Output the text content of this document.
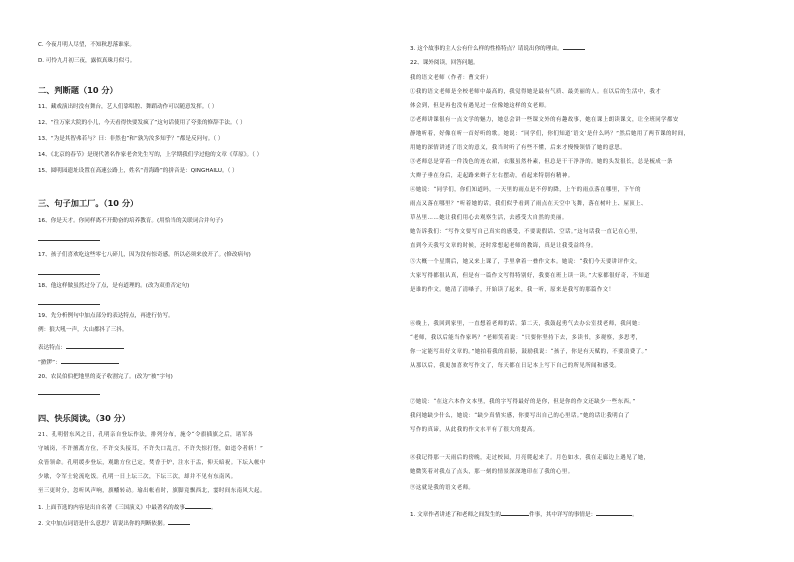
C. 今夜月明人尽望，不知秋思落谁家。
D. 可怜九月初三夜，露似真珠月似弓。
二、判断题（10 分）
11、藏戏演出时没有舞台，艺人们靠唱腔、舞蹈动作可以随意发挥。（ ）
12、“往万家大院的小儿，今天看得快要发疯了”这句话使用了夸张的修辞手法。（ ）
13、“为是其智弗若与？曰：非然也”和“孰为汝多知乎？”都是反问句。（ ）
14、《北京的春节》是现代著名作家老舍先生写的，上学期我们学过他的文章《草原》。（ ）
15、圆明园遗址设置在高速公路上，姓名“青海路”的拼音是：QINGHAILU。（ ）
三、句子加工厂。（10 分）
16、你是天才。你同样离不开勤奋的培养教育。(用恰当的关联词合并句子)
17、孩子们喜欢吃这些零七八碎儿，因为没有惊奇感。所以必须来放开了。(修改病句)
18、他这样做虽然过分了点，是有道理的。(改为双重否定句)
19、先分析例句中加点部分的表达特点，再进行仿写。
例：狼大吼一声，大山都抖了三抖。
表达特点：
“掀锣”：
20、农民伯伯把地里的麦子收割完了。(改为“被”字句)
四、快乐阅读。（30 分）
21、孔明借东风之日，孔明亲自登坛作法，排列分布，施令“令旗插旗之后，诸军各
守城岗，不许擅离方位，不许交头接耳，不许失口乱言，不许失惊打怪，如违令者斩！”
众皆领命。孔明缓步登坛，观瞻方位已定，焚香于炉，注水于盂，仰天暗祝。下坛入帐中
少歇，令军士轮流吃饭。孔明一日上坛三次，下坛三次，却并不见有东南风。
至三更时分，忽听风声响，旗幡转动。瑜出帐看时，旗脚竟飘西北，霎时间东南风大起。
1. 上面节选的内容是出自名著《三国演义》中最著名的故事	。
2. 文中加点词语是什么意思？请说出你的判断依据。
3. 这个故事的主人公有什么样的性格特点？请说出你的理由。
22、课外阅读，回答问题。
我的语文老师（作者：曹文轩）
①我的语文老师是全校老师中最高的，我觉得她是最有气质、最美丽的人。在以后的生活中，我才
体会到，但是再也没有遇见过一位像她这样的女老师。
②老师讲课很有一点文学的魅力，她总会讲一些课文外的有趣故事，她在课上朗读课文，让全班同学都安
静地听着，好像在听一首好听的歌。她说：“同学们，你们知道‘语文’是什么吗？”然后她用了两节课的时间，
用她的深情讲述了语文的意义，我当时听了有些不懂，后来才慢慢领悟了她的意思。
③老师总是穿着一件浅色的连衣裙，衣服虽然朴素，但总是干干净净的。她的头发很长，总是梳成一条
大辫子垂在身后，走起路来辫子左右摆动，看起来特别有精神。
④她说：“同学们，你们知道吗，一天里的雨点是不停的降，上午的雨点落在哪里，下午的
雨点又落在哪里？”听着她的话，我们似乎看到了雨点在天空中飞舞，落在树叶上、屋顶上、
草丛里……她让我们用心去观察生活，去感受大自然的美丽。
她告诉我们：“写作文要写自己真实的感受，不要说假话、空话。”这句话我一直记在心里，
直到今天我写文章的时候，还时常想起老师的教诲，真是让我受益终身。
⑤大概一个星期后，她又来上课了，手里拿着一叠作文本。她说：“我们今天要讲评作文，
大家写得都很认真，但是有一篇作文写得特别好，我要在班上读一读。”大家都很好奇，不知道
是谁的作文。她清了清嗓子，开始读了起来，我一听，原来是我写的那篇作文！
⑥晚上，我回到家里，一直想着老师的话。第二天，我鼓起勇气去办公室找老师，我问她：
“老师，我以后能当作家吗？”老师笑着说：“只要你坚持下去，多读书，多观察，多思考，
你一定能写出好文章的。”她拍着我的肩膀，鼓励我说：“孩子，你是有天赋的，不要浪费了。”
从那以后，我更加喜欢写作文了，每天都在日记本上写下自己的所见所闻和感受。
⑦她说：“在这六本作文本里，我的字写得最好的是你，但是你的作文还缺少一些东西。”
我问她缺少什么，她说：“缺少真情实感，你要写出自己的心里话。”她的话让我明白了
写作的真谛，从此我的作文水平有了很大的提高。
⑧我记得那一天雨后的傍晚，走过校园，月亮爬起来了。月色如水，我在走廊边上遇见了她，
她微笑着对我点了点头，那一刻的情景深深地印在了我的心里。
⑨这就是我的语文老师。
1. 文章作者讲述了和老师之间发生的	件事，其中详写的事情是：	。
